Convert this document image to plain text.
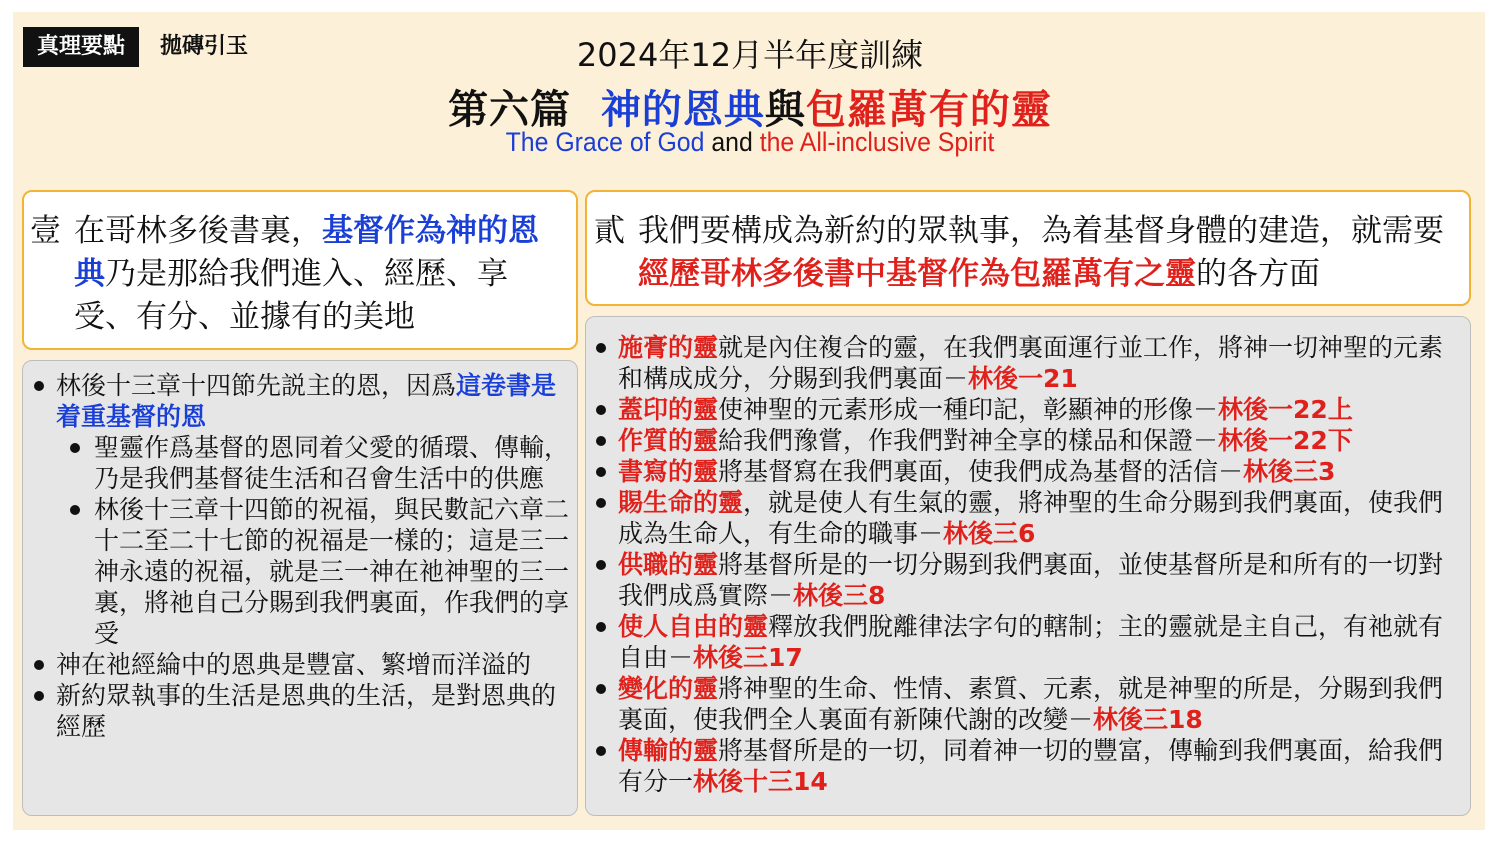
真理要點	拋磚引玉	2024年12月半年度訓練
第六篇 神的恩典與包羅萬有的靈
The Grace of God and the All-inclusive Spirit
壹 在哥林多後書裏，基督作為神的恩典乃是那給我們進入、經歷、享受、有分、並據有的美地
林後十三章十四節先説主的恩，因爲這卷書是着重基督的恩
聖靈作爲基督的恩同着父愛的循環、傳輸，乃是我們基督徒生活和召會生活中的供應
林後十三章十四節的祝福，與民數記六章二十二至二十七節的祝福是一樣的；這是三一神永遠的祝福，就是三一神在祂神聖的三一裏，將祂自己分賜到我們裏面，作我們的享受
神在祂經綸中的恩典是豐富、繁增而洋溢的
新約眾執事的生活是恩典的生活，是對恩典的經歷
貳 我們要構成為新約的眾執事，為着基督身體的建造，就需要經歷哥林多後書中基督作為包羅萬有之靈的各方面
施膏的靈就是內住複合的靈，在我們裏面運行並工作，將神一切神聖的元素和構成成分，分賜到我們裏面－林後一21
蓋印的靈使神聖的元素形成一種印記，彰顯神的形像－林後一22上
作質的靈給我們豫嘗，作我們對神全享的樣品和保證－林後一22下
書寫的靈將基督寫在我們裏面，使我們成為基督的活信－林後三3
賜生命的靈，就是使人有生氣的靈，將神聖的生命分賜到我們裏面，使我們成為生命人，有生命的職事－林後三6
供職的靈將基督所是的一切分賜到我們裏面，並使基督所是和所有的一切對我們成爲實際－林後三8
使人自由的靈釋放我們脫離律法字句的轄制；主的靈就是主自己，有祂就有自由－林後三17
變化的靈將神聖的生命、性情、素質、元素，就是神聖的所是，分賜到我們裏面，使我們全人裏面有新陳代謝的改變－林後三18
傳輸的靈將基督所是的一切，同着神一切的豐富，傳輸到我們裏面，給我們有分一林後十三14
